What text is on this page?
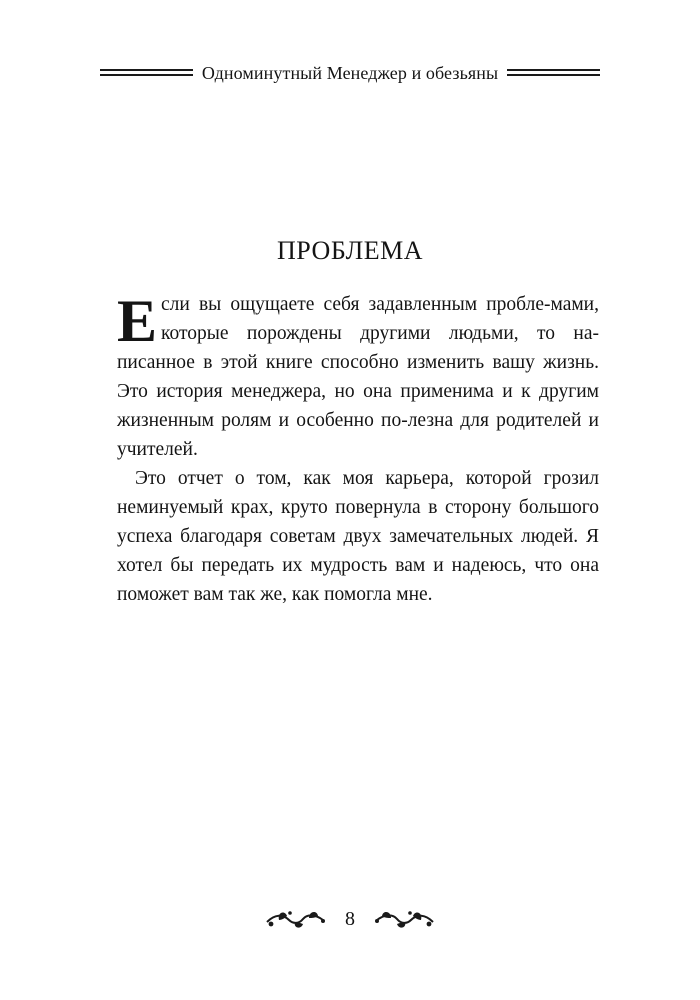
Одноминутный Менеджер и обезьяны
ПРОБЛЕМА

Если вы ощущаете себя задавленным пробле-мами, которые порождены другими людьми, то на-писанное в этой книге способно изменить вашу жизнь. Это история менеджера, но она применима и к другим жизненным ролям и особенно по-лезна для родителей и учителей.

Это отчет о том, как моя карьера, которой грозил неминуемый крах, круто повернула в сторону большого успеха благодаря советам двух замечательных людей. Я хотел бы передать их мудрость вам и надеюсь, что она поможет вам так же, как помогла мне.

8
